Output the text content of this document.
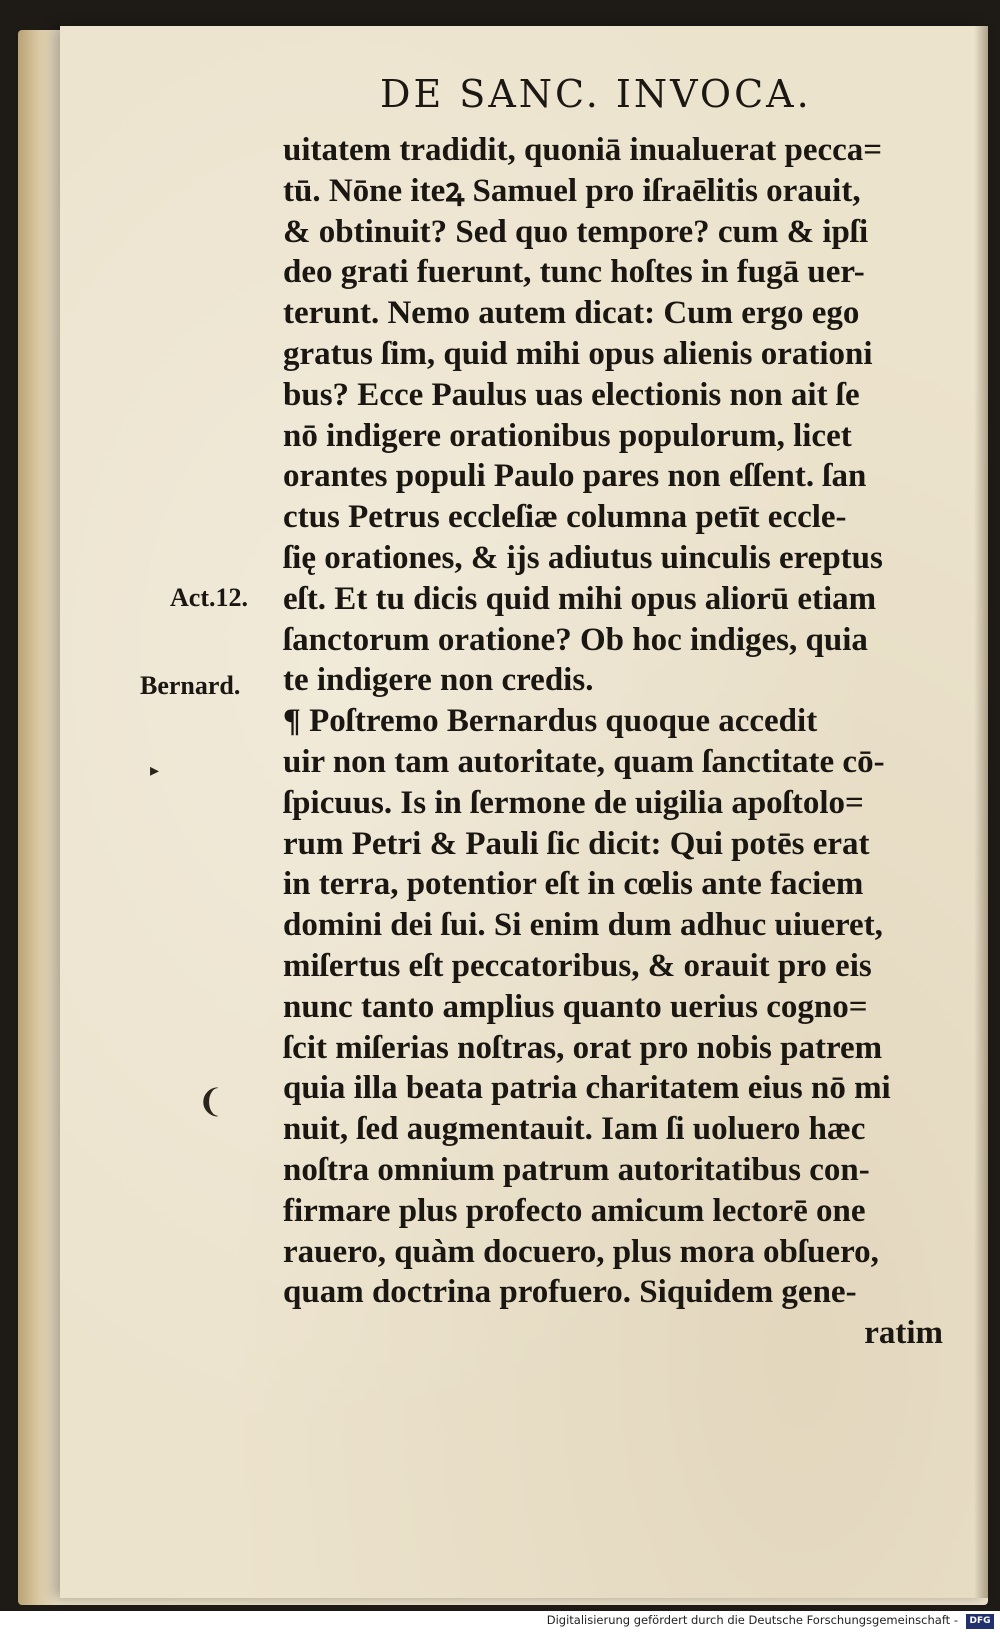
DE SANC. INVOCA.
Act.12.
Bernard.
▸
❨
uitatem tradidit, quoniā inualuerat pecca=
tū. Nōne iteꝝ Samuel pro iſraēlitis orauit,
& obtinuit? Sed quo tempore? cum & ipſi
deo grati fuerunt, tunc hoſtes in fugā uer-
terunt. Nemo autem dicat: Cum ergo ego
gratus ſim, quid mihi opus alienis orationi
bus? Ecce Paulus uas electionis non ait ſe
nō indigere orationibus populorum, licet
orantes populi Paulo pares non eſſent. ſan
ctus Petrus eccleſiæ columna petīt eccle-
ſię orationes, & ijs adiutus uinculis ereptus
eſt. Et tu dicis quid mihi opus aliorū etiam
ſanctorum oratione? Ob hoc indiges, quia
te indigere non credis.
¶ Poſtremo Bernardus quoque accedit
uir non tam autoritate, quam ſanctitate cō-
ſpicuus. Is in ſermone de uigilia apoſtolo=
rum Petri & Pauli ſic dicit: Qui potēs erat
in terra, potentior eſt in cœlis ante faciem
domini dei ſui. Si enim dum adhuc uiueret,
miſertus eſt peccatoribus, & orauit pro eis
nunc tanto amplius quanto uerius cogno=
ſcit miſerias noſtras, orat pro nobis patrem
quia illa beata patria charitatem eius nō mi
nuit, ſed augmentauit. Iam ſi uoluero hæc
noſtra omnium patrum autoritatibus con-
firmare plus profecto amicum lectorē one
rauero, quàm docuero, plus mora obſuero,
quam doctrina profuero. Siquidem gene-
ratim
Digitalisierung gefördert durch die Deutsche Forschungsgemeinschaft -	DFG
